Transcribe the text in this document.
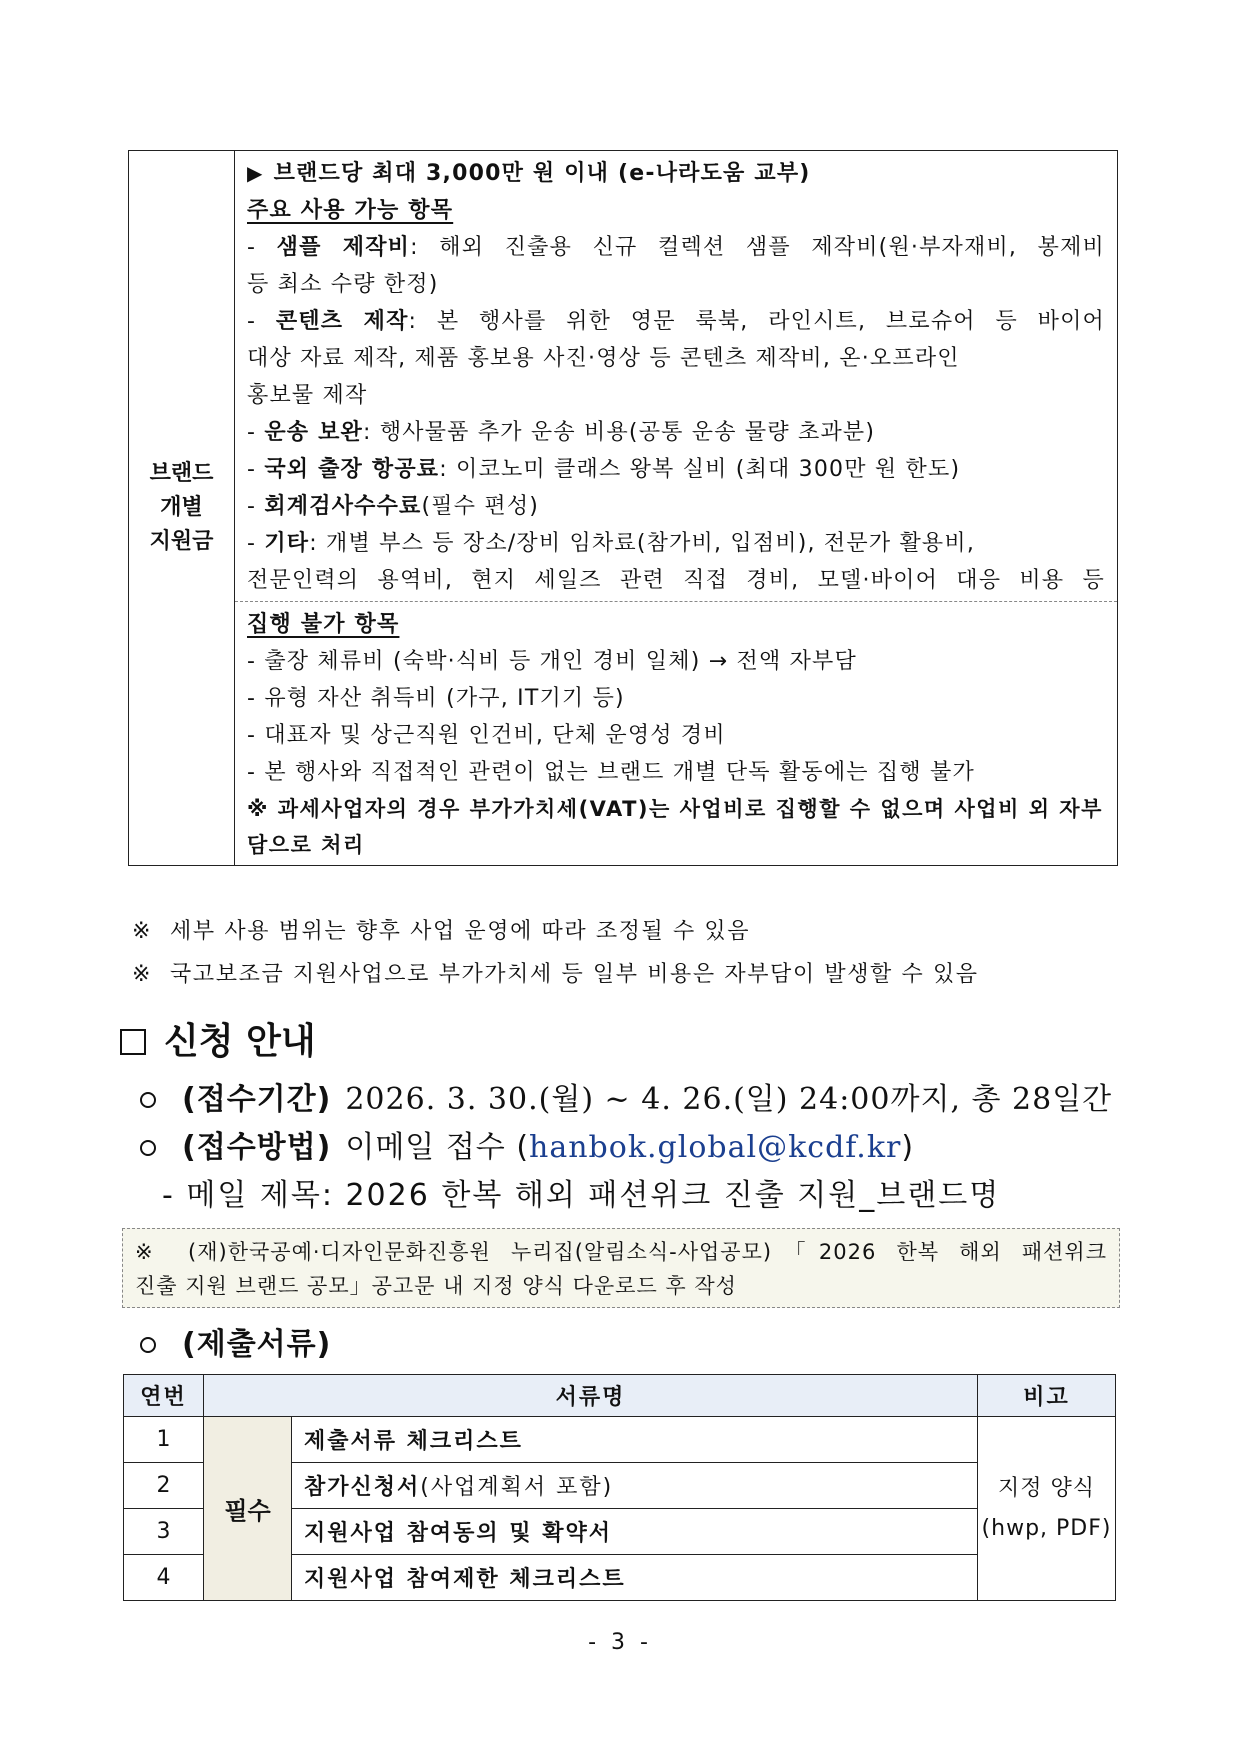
브랜드
개별
지원금

▶ 브랜드당 최대 3,000만 원 이내 (e-나라도움 교부)
주요 사용 가능 항목
- 샘플 제작비: 해외 진출용 신규 컬렉션 샘플 제작비(원·부자재비, 봉제비
등 최소 수량 한정)
- 콘텐츠 제작: 본 행사를 위한 영문 룩북, 라인시트, 브로슈어 등 바이어
대상 자료 제작, 제품 홍보용 사진·영상 등 콘텐츠 제작비, 온·오프라인
홍보물 제작
- 운송 보완: 행사물품 추가 운송 비용(공통 운송 물량 초과분)
- 국외 출장 항공료: 이코노미 클래스 왕복 실비 (최대 300만 원 한도)
- 회계검사수수료(필수 편성)
- 기타: 개별 부스 등 장소/장비 임차료(참가비, 입점비), 전문가 활용비,
전문인력의 용역비, 현지 세일즈 관련 직접 경비, 모델·바이어 대응 비용 등

집행 불가 항목
- 출장 체류비 (숙박·식비 등 개인 경비 일체) → 전액 자부담
- 유형 자산 취득비 (가구, IT기기 등)
- 대표자 및 상근직원 인건비, 단체 운영성 경비
- 본 행사와 직접적인 관련이 없는 브랜드 개별 단독 활동에는 집행 불가
※ 과세사업자의 경우 부가가치세(VAT)는 사업비로 집행할 수 없으며 사업비 외 자부담으로 처리
※ 세부 사용 범위는 향후 사업 운영에 따라 조정될 수 있음
※ 국고보조금 지원사업으로 부가가치세 등 일부 비용은 자부담이 발생할 수 있음
신청 안내
(접수기간) 2026. 3. 30.(월) ~ 4. 26.(일) 24:00까지, 총 28일간
(접수방법) 이메일 접수 ( hanbok.global@kcdf.kr )
- 메일 제목: 2026 한복 해외 패션위크 진출 지원_브랜드명
※ (재)한국공예·디자인문화진흥원 누리집(알림소식-사업공모)「2026 한복 해외 패션위크
진출 지원 브랜드 공모」공고문 내 지정 양식 다운로드 후 작성
(제출서류)
연번	서류명		비고
1	필수	제출서류 체크리스트	지정 양식
(hwp, PDF)

2		참가신청서(사업계획서 포함)	
3		지원사업 참여동의 및 확약서	
4		지원사업 참여제한 체크리스트	
- 3 -
